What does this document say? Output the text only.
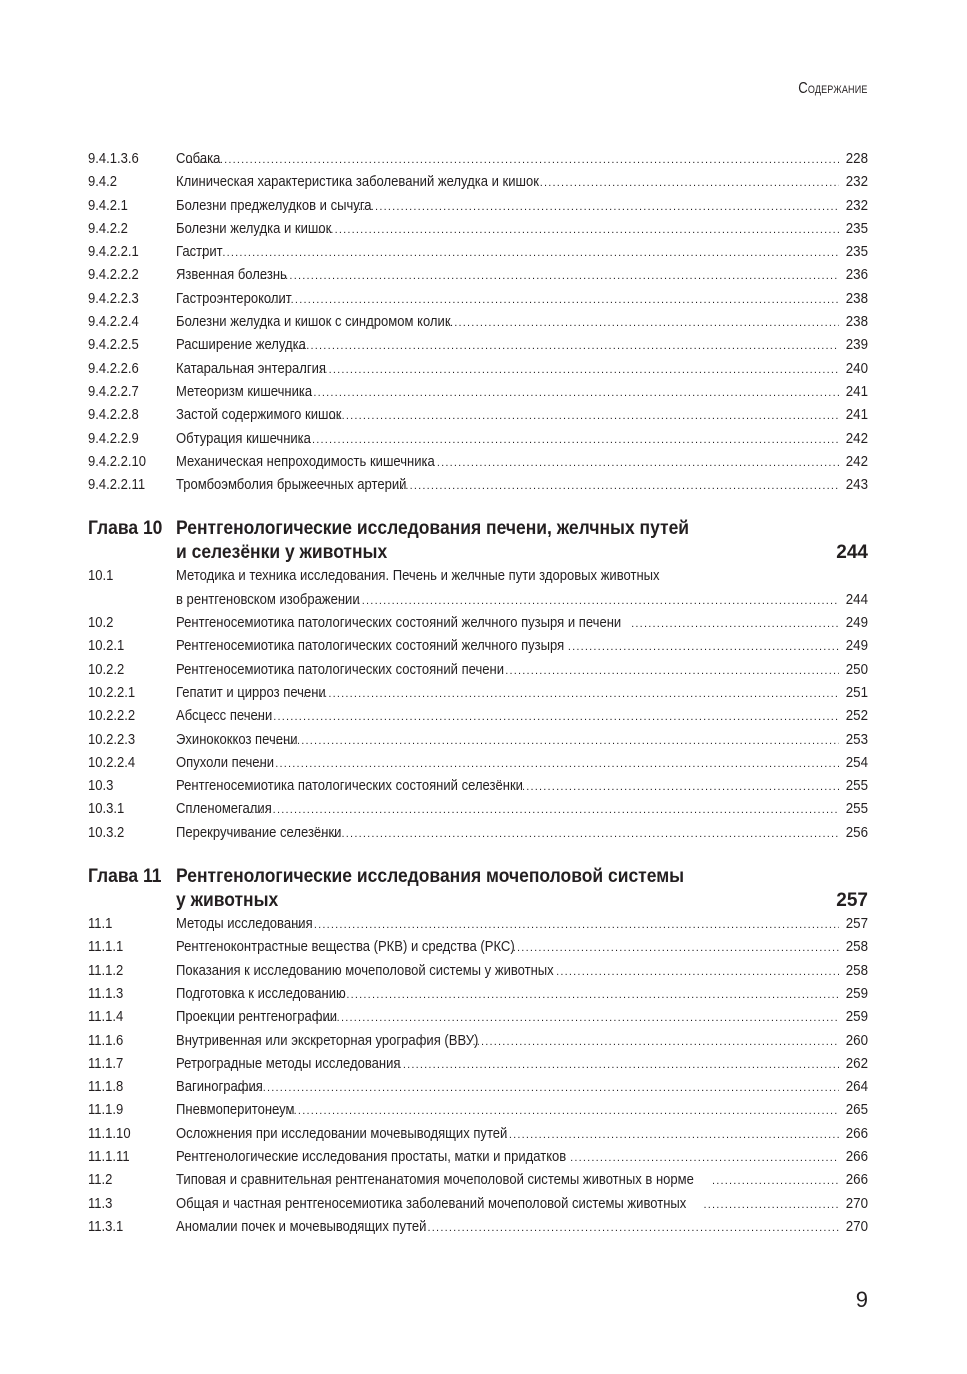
Содержание
9.4.1.3.6	Собака .....	228
9.4.2	Клиническая характеристика заболеваний желудка и кишок .....	232
9.4.2.1	Болезни преджелудков и сычуга .....	232
9.4.2.2	Болезни желудка и кишок .....	235
9.4.2.2.1	Гастрит .....	235
9.4.2.2.2	Язвенная болезнь .....	236
9.4.2.2.3	Гастроэнтероколит .....	238
9.4.2.2.4	Болезни желудка и кишок с синдромом колик .....	238
9.4.2.2.5	Расширение желудка .....	239
9.4.2.2.6	Катаральная энтералгия .....	240
9.4.2.2.7	Метеоризм кишечника .....	241
9.4.2.2.8	Застой содержимого кишок .....	241
9.4.2.2.9	Обтурация кишечника .....	242
9.4.2.2.10	Механическая непроходимость кишечника .....	242
9.4.2.2.11	Тромбоэмболия брыжеечных артерий .....	243
Глава 10 Рентгенологические исследования печени, желчных путей
и селезёнки у животных	244
10.1	Методика и техника исследования. Печень и желчные пути здоровых животных
в рентгеновском изображении .....	244
10.2	Рентгеносемиотика патологических состояний желчного пузыря и печени .....	249
10.2.1	Рентгеносемиотика патологических состояний желчного пузыря .....	249
10.2.2	Рентгеносемиотика патологических состояний печени .....	250
10.2.2.1	Гепатит и цирроз печени .....	251
10.2.2.2	Абсцесс печени .....	252
10.2.2.3	Эхинококкоз печени .....	253
10.2.2.4	Опухоли печени .....	254
10.3	Рентгеносемиотика патологических состояний селезёнки .....	255
10.3.1	Спленомегалия .....	255
10.3.2	Перекручивание селезёнки .....	256
Глава 11 Рентгенологические исследования мочеполовой системы
у животных	257
11.1	Методы исследования .....	257
11.1.1	Рентгеноконтрастные вещества (РКВ) и средства (РКС) .....	258
11.1.2	Показания к исследованию мочеполовой системы у животных .....	258
11.1.3	Подготовка к исследованию .....	259
11.1.4	Проекции рентгенографии .....	259
11.1.6	Внутривенная или экскреторная урография (ВВУ) .....	260
11.1.7	Ретроградные методы исследования .....	262
11.1.8	Вагинография .....	264
11.1.9	Пневмоперитонеум .....	265
11.1.10	Осложнения при исследовании мочевыводящих путей .....	266
11.1.11	Рентгенологические исследования простаты, матки и придатков .....	266
11.2	Типовая и сравнительная рентгенанатомия мочеполовой системы животных в норме .....	266
11.3	Общая и частная рентгеносемиотика заболеваний мочеполовой системы животных .....	270
11.3.1	Аномалии почек и мочевыводящих путей .....	270
9
